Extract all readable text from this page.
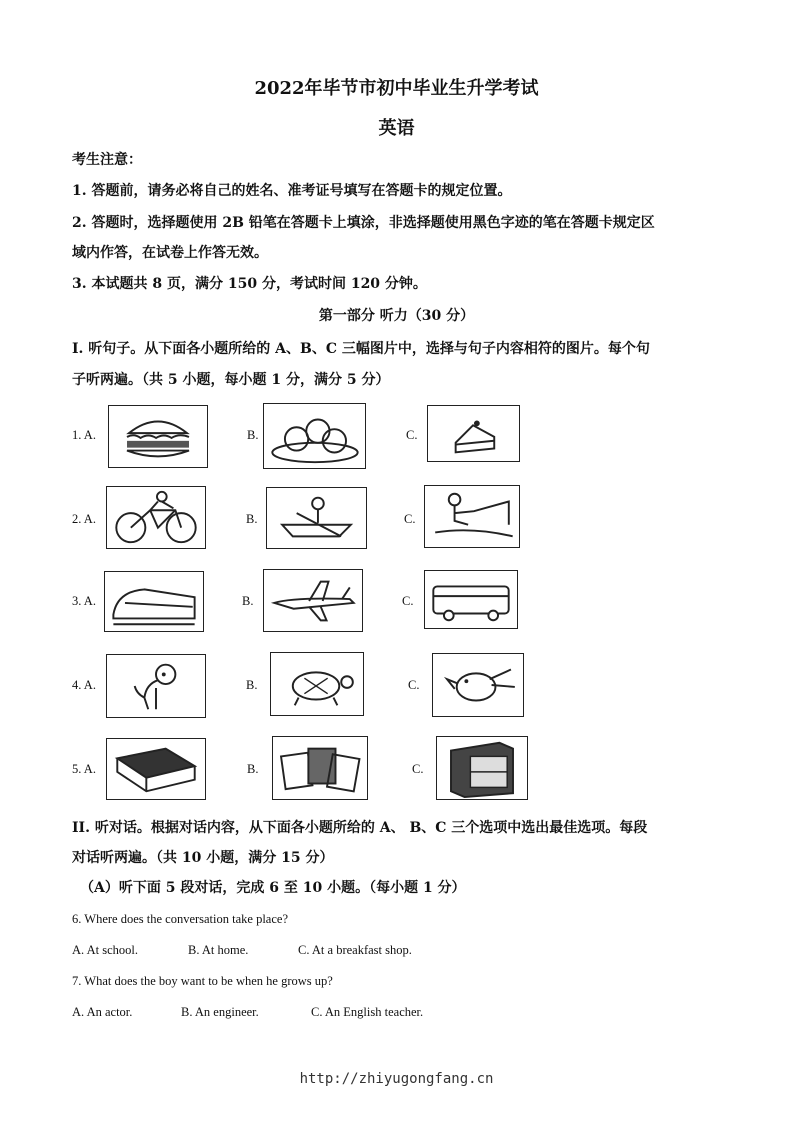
2022年毕节市初中毕业生升学考试
英语
考生注意：
1. 答题前，请务必将自己的姓名、准考证号填写在答题卡的规定位置。
2. 答题时，选择题使用 2B 铅笔在答题卡上填涂，非选择题使用黑色字迹的笔在答题卡规定区
域内作答，在试卷上作答无效。
3. 本试题共 8 页，满分 150 分，考试时间 120 分钟。
第一部分 听力（30 分）
I. 听句子。从下面各小题所给的 A、B、C 三幅图片中，选择与句子内容相符的图片。每个句
子听两遍。（共 5 小题，每小题 1 分，满分 5 分）
1. A.	B.	C.
2. A.	B.	C.
3. A.	B.	C.
4. A.	B.	C.
5. A.	B.	C.
II. 听对话。根据对话内容，从下面各小题所给的 A、 B、C 三个选项中选出最佳选项。每段
对话听两遍。（共 10 小题，满分 15 分）
（A）听下面 5 段对话，完成 6 至 10 小题。（每小题 1 分）
6. Where does the conversation take place?
A. At school.	B. At home.	C. At a breakfast shop.
7. What does the boy want to be when he grows up?
A. An actor.	B. An engineer.	C. An English teacher.
http://zhiyugongfang.cn
